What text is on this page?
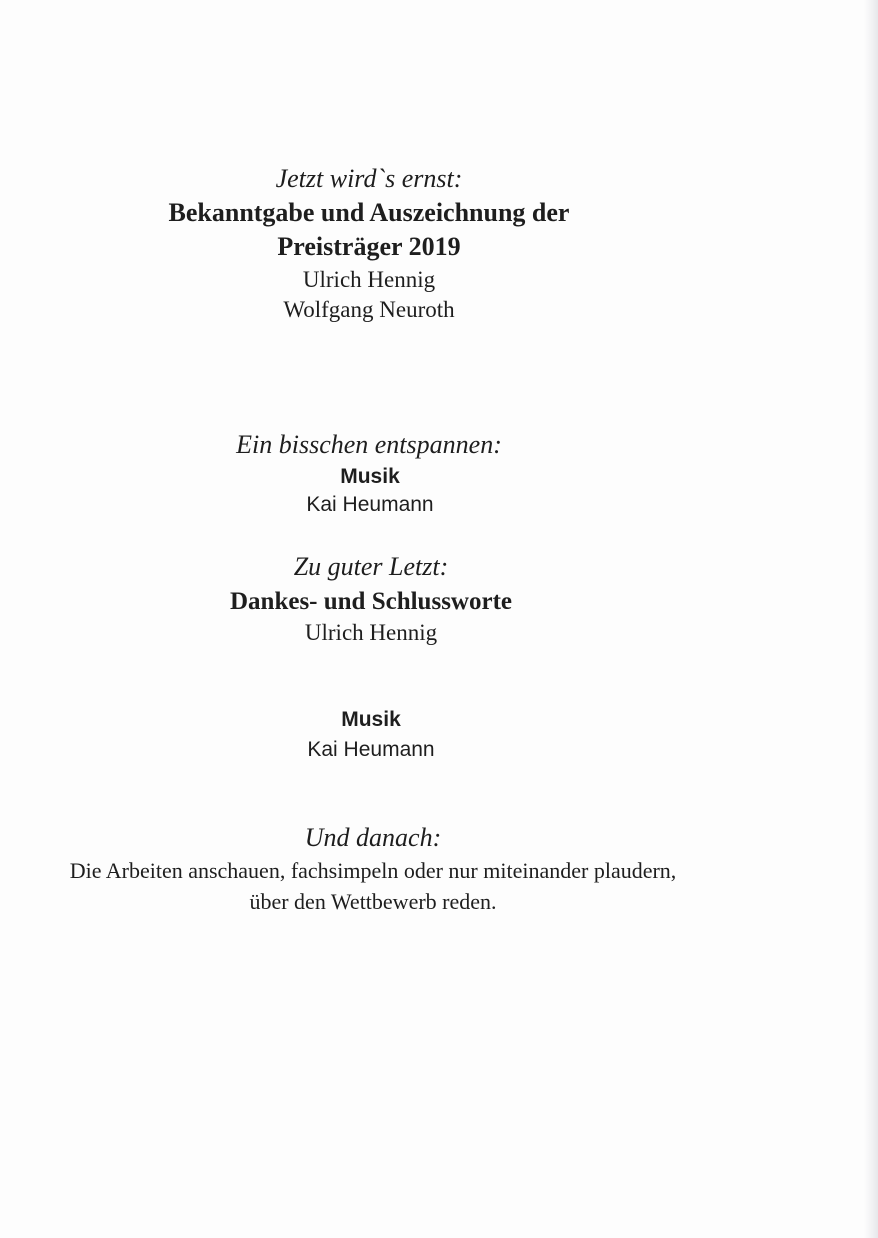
Jetzt wird`s ernst:
Bekanntgabe und Auszeichnung der
Preisträger 2019
Ulrich Hennig
Wolfgang Neuroth
Ein bisschen entspannen:
Musik
Kai Heumann
Zu guter Letzt:
Dankes- und Schlussworte
Ulrich Hennig
Musik
Kai Heumann
Und danach:
Die Arbeiten anschauen, fachsimpeln oder nur miteinander plaudern,
über den Wettbewerb reden.
